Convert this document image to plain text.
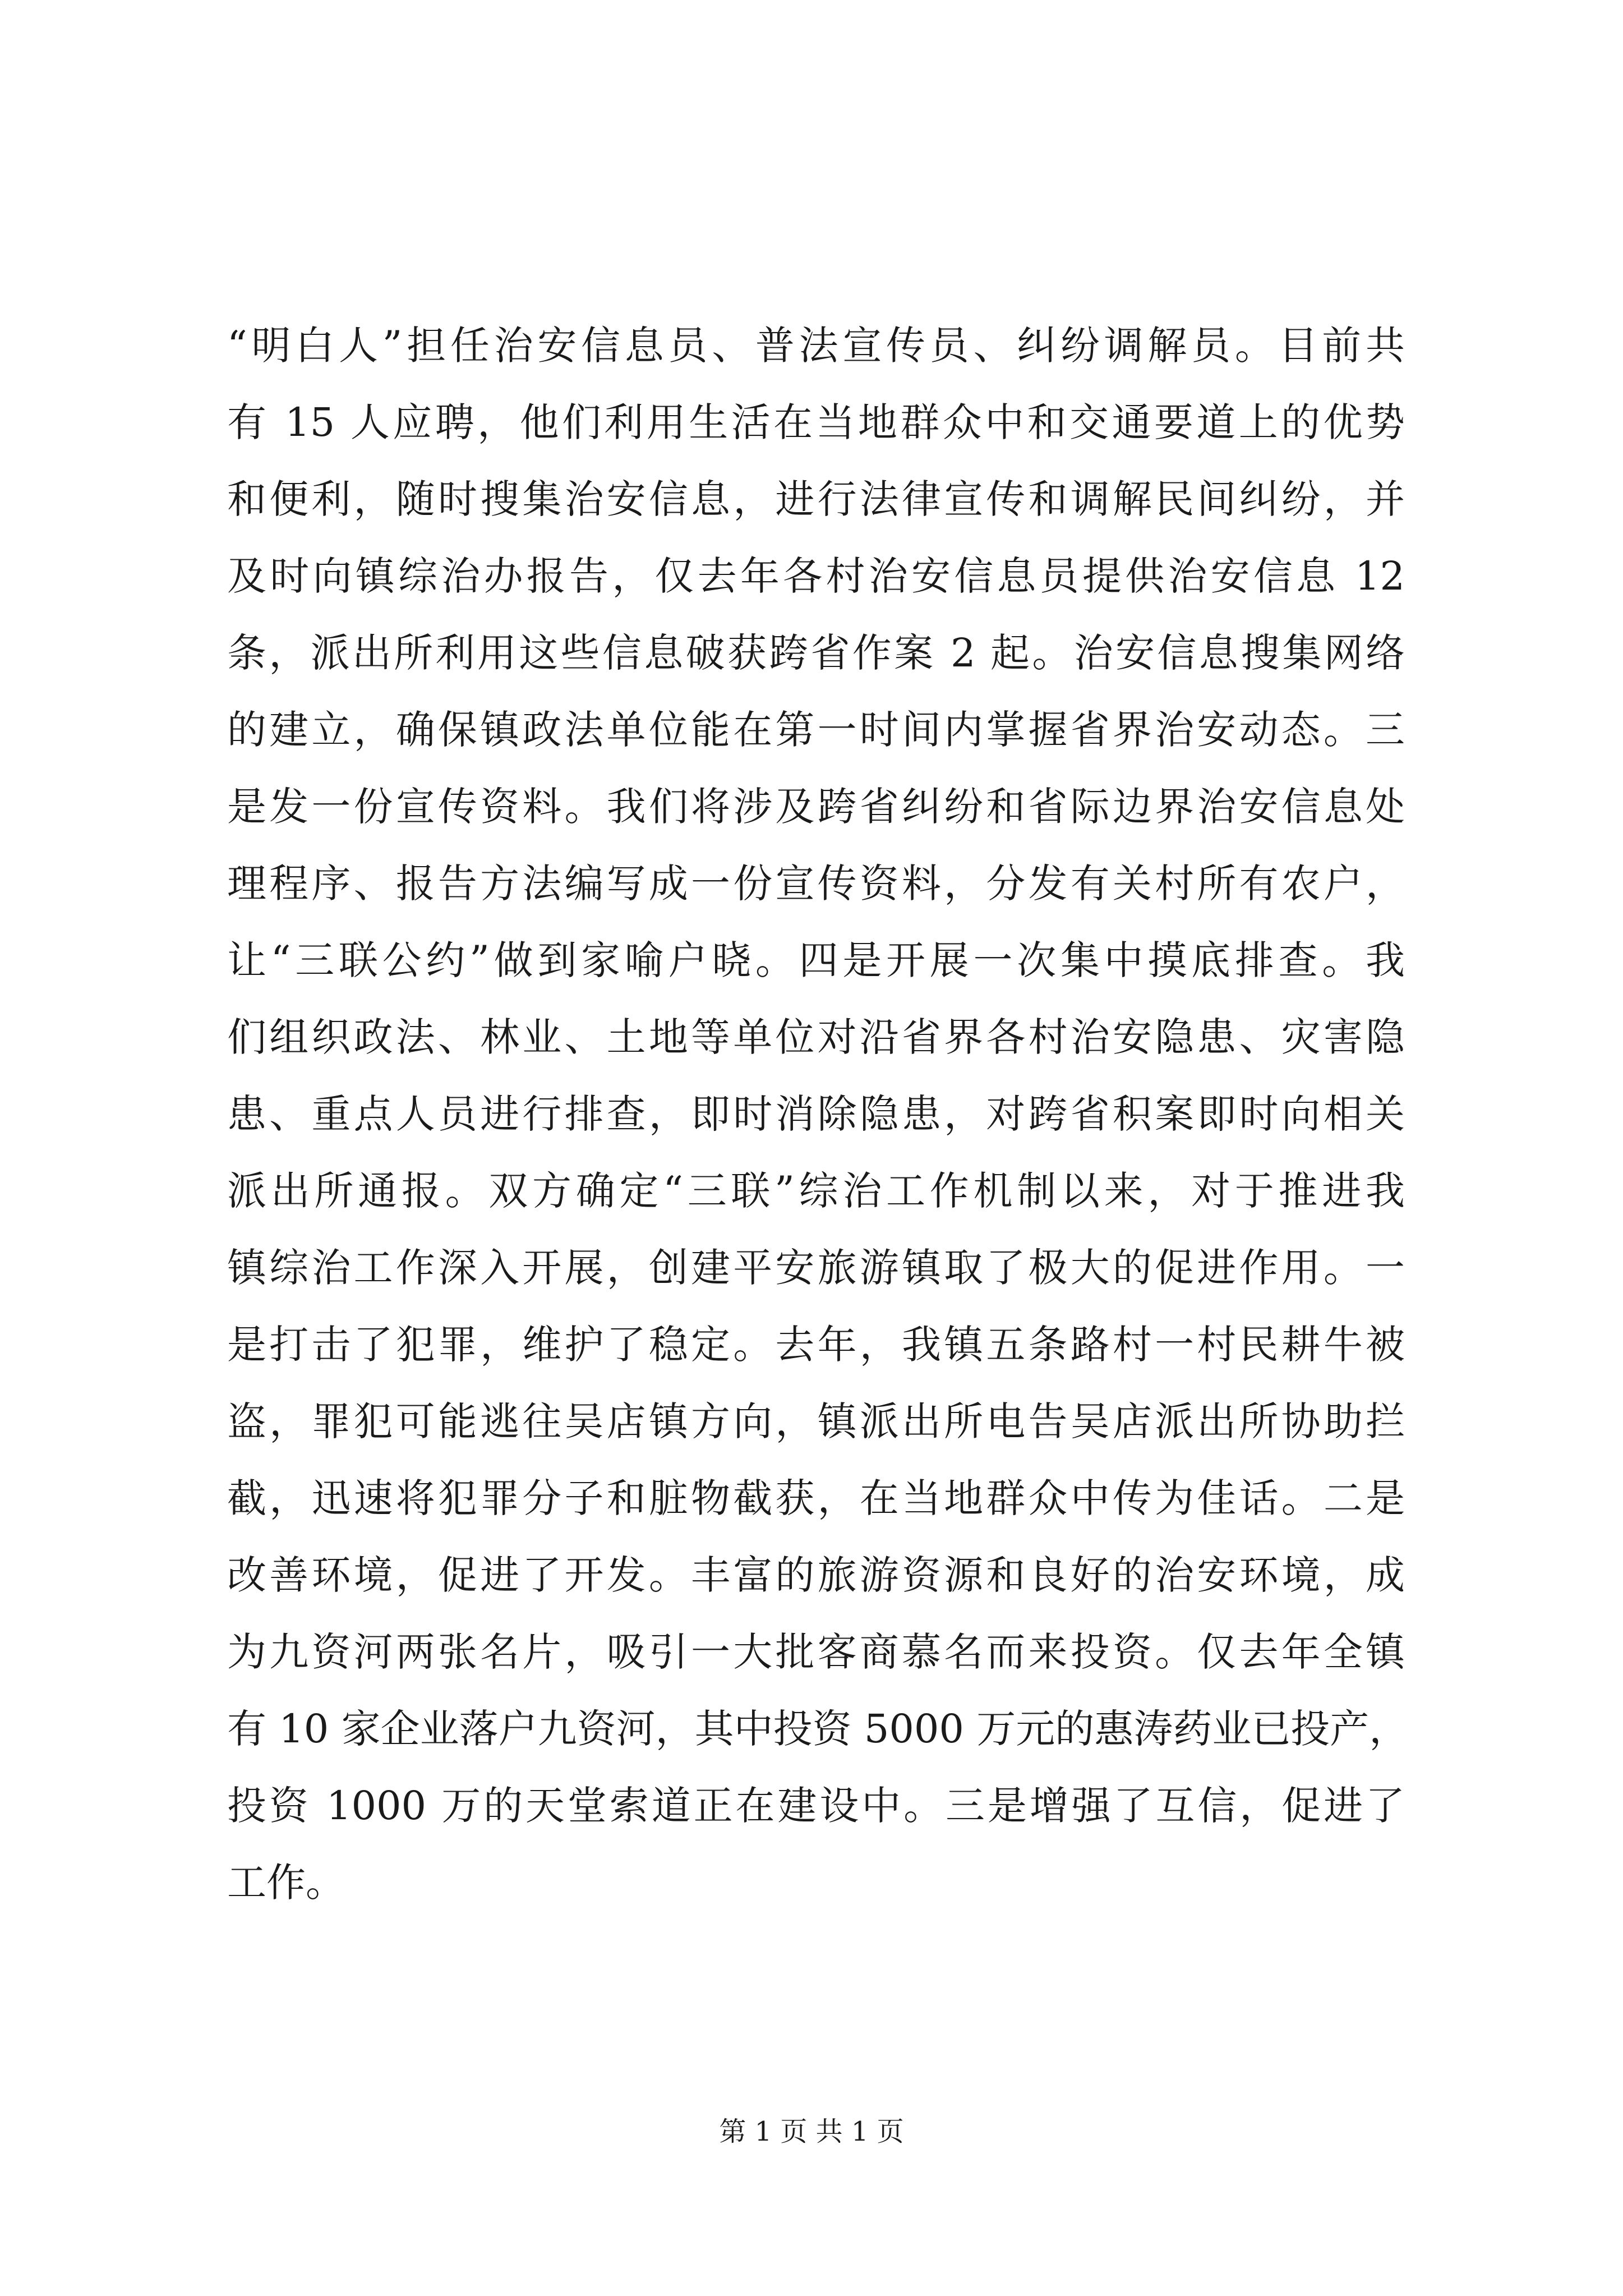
“明白人”担任治安信息员、普法宣传员、纠纷调解员。目前共
有 15 人应聘，他们利用生活在当地群众中和交通要道上的优势
和便利，随时搜集治安信息，进行法律宣传和调解民间纠纷，并
及时向镇综治办报告，仅去年各村治安信息员提供治安信息 12
条，派出所利用这些信息破获跨省作案 2 起。治安信息搜集网络
的建立，确保镇政法单位能在第一时间内掌握省界治安动态。三
是发一份宣传资料。我们将涉及跨省纠纷和省际边界治安信息处
理程序、报告方法编写成一份宣传资料，分发有关村所有农户，
让“三联公约”做到家喻户晓。四是开展一次集中摸底排查。我
们组织政法、林业、土地等单位对沿省界各村治安隐患、灾害隐
患、重点人员进行排查，即时消除隐患，对跨省积案即时向相关
派出所通报。双方确定“三联”综治工作机制以来，对于推进我
镇综治工作深入开展，创建平安旅游镇取了极大的促进作用。一
是打击了犯罪，维护了稳定。去年，我镇五条路村一村民耕牛被
盗，罪犯可能逃往吴店镇方向，镇派出所电告吴店派出所协助拦
截，迅速将犯罪分子和脏物截获，在当地群众中传为佳话。二是
改善环境，促进了开发。丰富的旅游资源和良好的治安环境，成
为九资河两张名片，吸引一大批客商慕名而来投资。仅去年全镇
有 10 家企业落户九资河，其中投资 5000 万元的惠涛药业已投产，
投资 1000 万的天堂索道正在建设中。三是增强了互信，促进了
工作。
第 1 页 共 1 页
